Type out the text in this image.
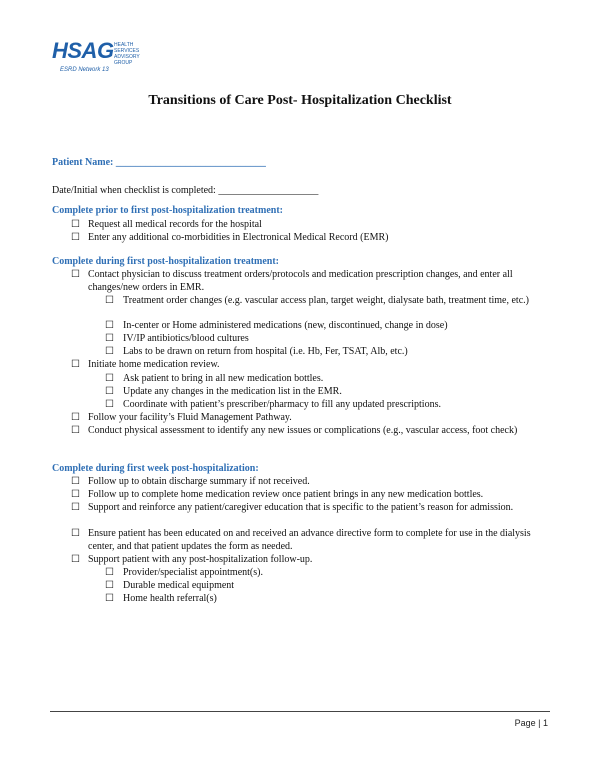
HSAG HEALTH SERVICES ADVISORY GROUP
ESRD Network 13
Transitions of Care Post- Hospitalization Checklist
Patient Name: ______________________________
Date/Initial when checklist is completed: ____________________
Complete prior to first post-hospitalization treatment:
☐ Request all medical records for the hospital
☐ Enter any additional co-morbidities in Electronical Medical Record (EMR)
Complete during first post-hospitalization treatment:
☐ Contact physician to discuss treatment orders/protocols and medication prescription changes, and enter all changes/new orders in EMR.
☐ Treatment order changes (e.g. vascular access plan, target weight, dialysate bath, treatment time, etc.)
☐ In-center or Home administered medications (new, discontinued, change in dose)
☐ IV/IP antibiotics/blood cultures
☐ Labs to be drawn on return from hospital (i.e. Hb, Fer, TSAT, Alb, etc.)
☐ Initiate home medication review.
☐ Ask patient to bring in all new medication bottles.
☐ Update any changes in the medication list in the EMR.
☐ Coordinate with patient’s prescriber/pharmacy to fill any updated prescriptions.
☐ Follow your facility’s Fluid Management Pathway.
☐ Conduct physical assessment to identify any new issues or complications (e.g., vascular access, foot check)
Complete during first week post-hospitalization:
☐ Follow up to obtain discharge summary if not received.
☐ Follow up to complete home medication review once patient brings in any new medication bottles.
☐ Support and reinforce any patient/caregiver education that is specific to the patient’s reason for admission.
☐ Ensure patient has been educated on and received an advance directive form to complete for use in the dialysis center, and that patient updates the form as needed.
☐ Support patient with any post-hospitalization follow-up.
☐ Provider/specialist appointment(s).
☐ Durable medical equipment
☐ Home health referral(s)
Page | 1
